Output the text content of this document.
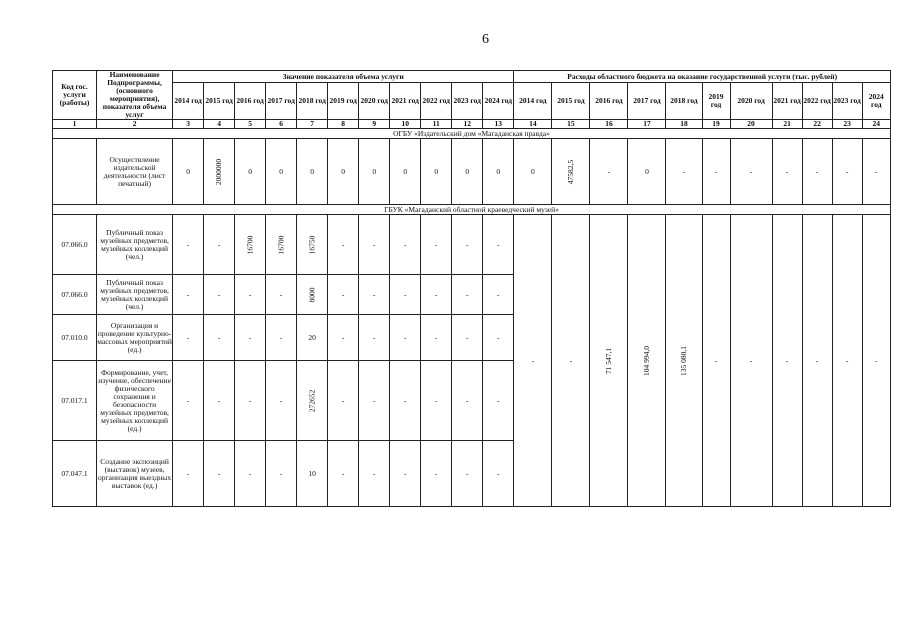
6
Код гос. услуги (работы)	Наименование Подпрограммы, (основного мероприятия), показателя объема услуг	Значение показателя объема услуги											Расходы областного бюджета на оказание государственной услуги (тыс. рублей)										
		2014 год	2015 год	2016 год	2017 год	2018 год	2019 год	2020 год	2021 год	2022 год	2023 год	2024 год	2014 год	2015 год	2016 год	2017 год	2018 год	2019 год	2020 год	2021 год	2022 год	2023 год	2024 год
1	2	3	4	5	6	7	8	9	10	11	12	13	14	15	16	17	18	19	20	21	22	23	24
ОГБУ «Издательский дом «Магаданская правда»																							
	Осуществление издательской деятельности (лист печатный)	0	2000000	0	0	0	0	0	0	0	0	0	0	47582,5	-	0	-	-	-	-	-	-	-
ГБУК «Магаданский областной краеведческий музей»																							
07.066.0	Публичный показ музейных предметов, музейных коллекций (чел.)	-	-	16700	16700	16750	-	-	-	-	-	-	-	-	71 547,1	104 994,0	135 080,1	-	-	-	-	-	-
07.066.0	Публичный показ музейных предметов, музейных коллекций (чел.)	-	-	-	-	8000	-	-	-	-	-	-											
07.010.0	Организация и проведение культурно-массовых мероприятий (ед.)	-	-	-	-	20	-	-	-	-	-	-											
07.017.1	Формирование, учет, изучение, обеспечение физического сохранения и безопасности музейных предметов, музейных коллекций (ед.)	-	-	-	-	272652	-	-	-	-	-	-											
07.047.1	Создание экспозиций (выставок) музеев, организация выездных выставок (ед.)	-	-	-	-	10	-	-	-	-	-	-											
